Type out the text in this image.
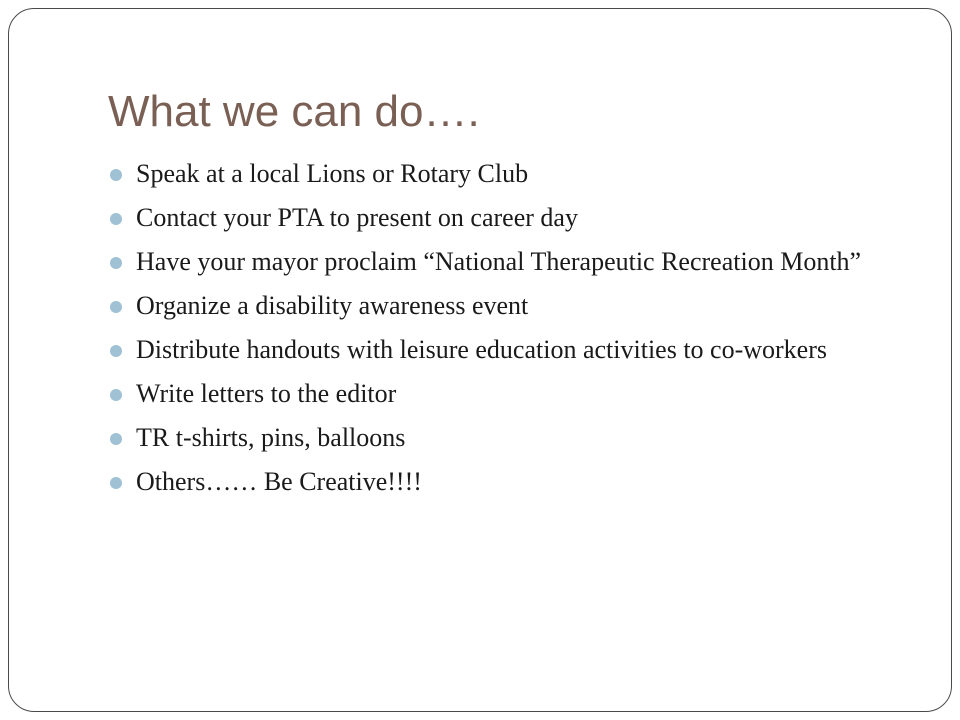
What we can do….
Speak at a local Lions or Rotary Club
Contact your PTA to present on career day
Have your mayor proclaim “National Therapeutic Recreation Month”
Organize a disability awareness event
Distribute handouts with leisure education activities to co-workers
Write letters to the editor
TR t-shirts, pins, balloons
Others…… Be Creative!!!!
